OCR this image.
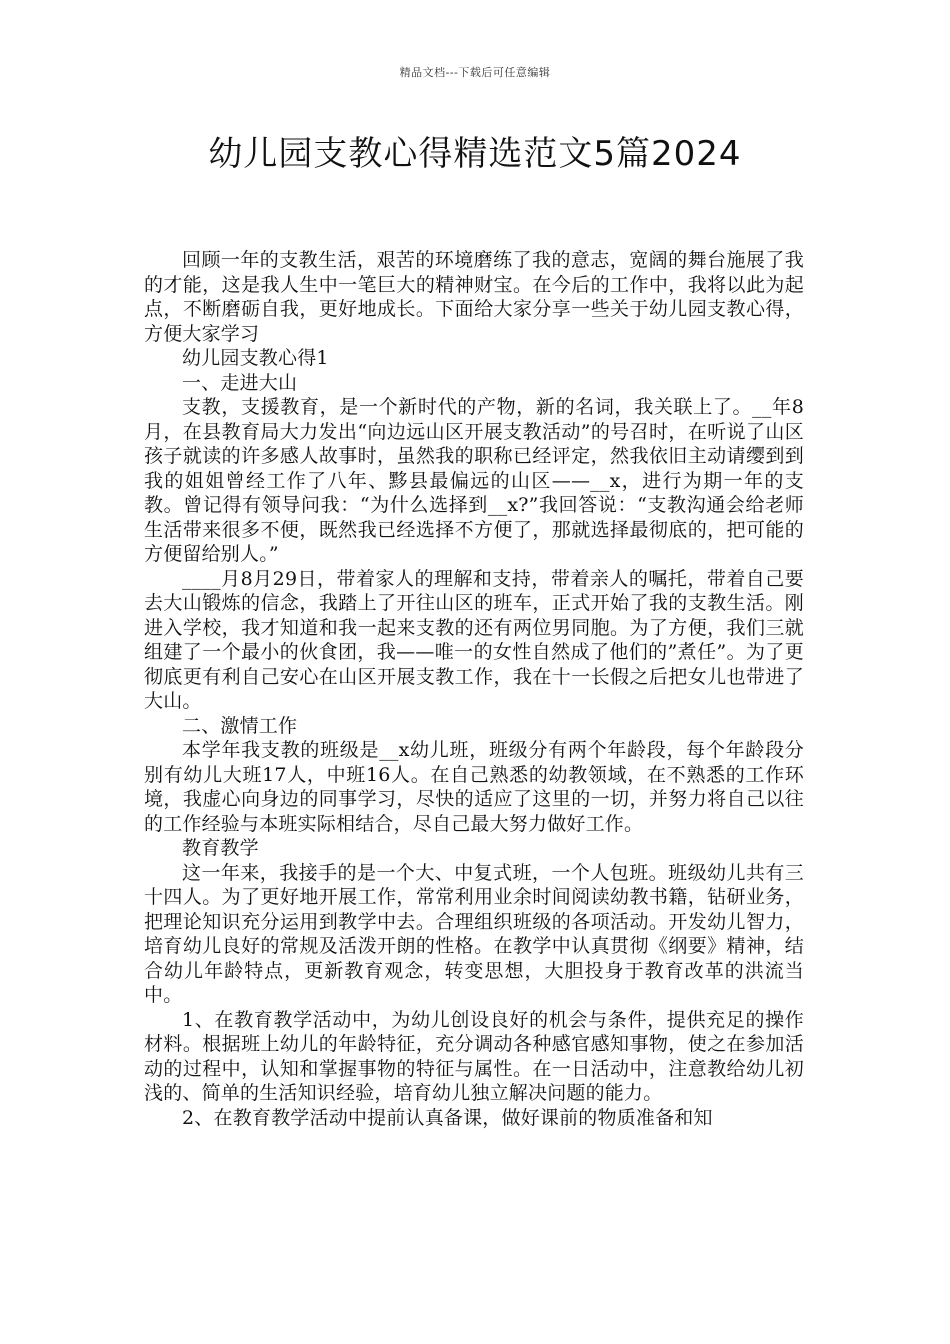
精品文档---下载后可任意编辑
幼儿园支教心得精选范文5篇2024

回顾一年的支教生活，艰苦的环境磨练了我的意志，宽阔的舞台施展了我的才能，这是我人生中一笔巨大的精神财宝。在今后的工作中，我将以此为起点，不断磨砺自我，更好地成长。下面给大家分享一些关于幼儿园支教心得，方便大家学习

幼儿园支教心得1

一、走进大山

支教，支援教育，是一个新时代的产物，新的名词，我关联上了。__年8月，在县教育局大力发出“向边远山区开展支教活动”的号召时，在听说了山区孩子就读的许多感人故事时，虽然我的职称已经评定，然我依旧主动请缨到到我的姐姐曾经工作了八年、黟县最偏远的山区——__x，进行为期一年的支教。曾记得有领导问我：“为什么选择到__x?”我回答说：“支教沟通会给老师生活带来很多不便，既然我已经选择不方便了，那就选择最彻底的，把可能的方便留给别人。”

____月8月29日，带着家人的理解和支持，带着亲人的嘱托，带着自己要去大山锻炼的信念，我踏上了开往山区的班车，正式开始了我的支教生活。刚进入学校，我才知道和我一起来支教的还有两位男同胞。为了方便，我们三就组建了一个最小的伙食团，我——唯一的女性自然成了他们的”煮任”。为了更彻底更有利自己安心在山区开展支教工作，我在十一长假之后把女儿也带进了大山。

二、激情工作

本学年我支教的班级是__x幼儿班，班级分有两个年龄段，每个年龄段分别有幼儿大班17人，中班16人。在自己熟悉的幼教领域，在不熟悉的工作环境，我虚心向身边的同事学习，尽快的适应了这里的一切，并努力将自己以往的工作经验与本班实际相结合，尽自己最大努力做好工作。

教育教学

这一年来，我接手的是一个大、中复式班，一个人包班。班级幼儿共有三十四人。为了更好地开展工作，常常利用业余时间阅读幼教书籍，钻研业务，把理论知识充分运用到教学中去。合理组织班级的各项活动。开发幼儿智力，培育幼儿良好的常规及活泼开朗的性格。在教学中认真贯彻《纲要》精神，结合幼儿年龄特点，更新教育观念，转变思想，大胆投身于教育改革的洪流当中。

1、在教育教学活动中，为幼儿创设良好的机会与条件，提供充足的操作材料。根据班上幼儿的年龄特征，充分调动各种感官感知事物，使之在参加活动的过程中，认知和掌握事物的特征与属性。在一日活动中，注意教给幼儿初浅的、简单的生活知识经验，培育幼儿独立解决问题的能力。

2、在教育教学活动中提前认真备课，做好课前的物质准备和知
